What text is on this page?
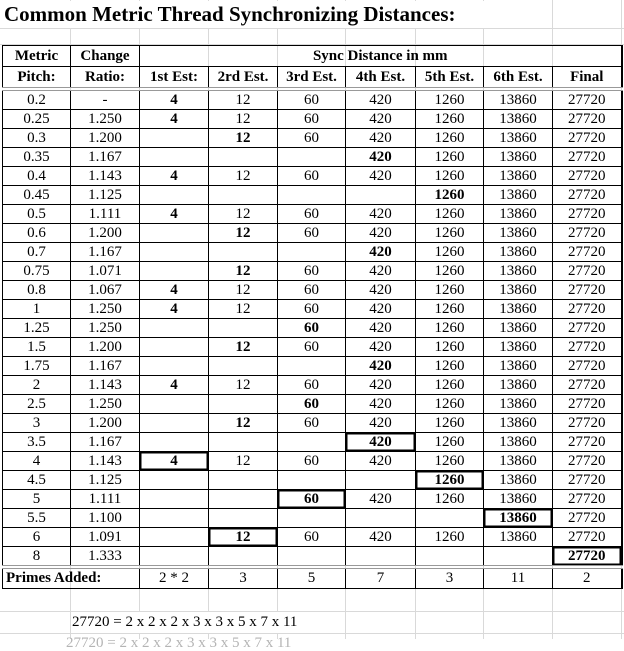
Common Metric Thread Synchronizing Distances:
Metric	Change	Sync Distance in mm						
Pitch:	Ratio:	1st Est:	2rd Est.	3rd Est.	4th Est.	5th Est.	6th Est.	Final
0.2	-	4	12	60	420	1260	13860	27720
0.25	1.250	4	12	60	420	1260	13860	27720
0.3	1.200		12	60	420	1260	13860	27720
0.35	1.167				420	1260	13860	27720
0.4	1.143	4	12	60	420	1260	13860	27720
0.45	1.125					1260	13860	27720
0.5	1.111	4	12	60	420	1260	13860	27720
0.6	1.200		12	60	420	1260	13860	27720
0.7	1.167				420	1260	13860	27720
0.75	1.071		12	60	420	1260	13860	27720
0.8	1.067	4	12	60	420	1260	13860	27720
1	1.250	4	12	60	420	1260	13860	27720
1.25	1.250			60	420	1260	13860	27720
1.5	1.200		12	60	420	1260	13860	27720
1.75	1.167				420	1260	13860	27720
2	1.143	4	12	60	420	1260	13860	27720
2.5	1.250			60	420	1260	13860	27720
3	1.200		12	60	420	1260	13860	27720
3.5	1.167				420	1260	13860	27720
4	1.143	4	12	60	420	1260	13860	27720
4.5	1.125					1260	13860	27720
5	1.111			60	420	1260	13860	27720
5.5	1.100						13860	27720
6	1.091		12	60	420	1260	13860	27720
8	1.333							27720
Primes Added:		2 * 2	3	5	7	3	11	2
27720 = 2 x 2 x 2 x 3 x 3 x 5 x 7 x 11
27720 = 2 x 2 x 2 x 3 x 3 x 5 x 7 x 11
